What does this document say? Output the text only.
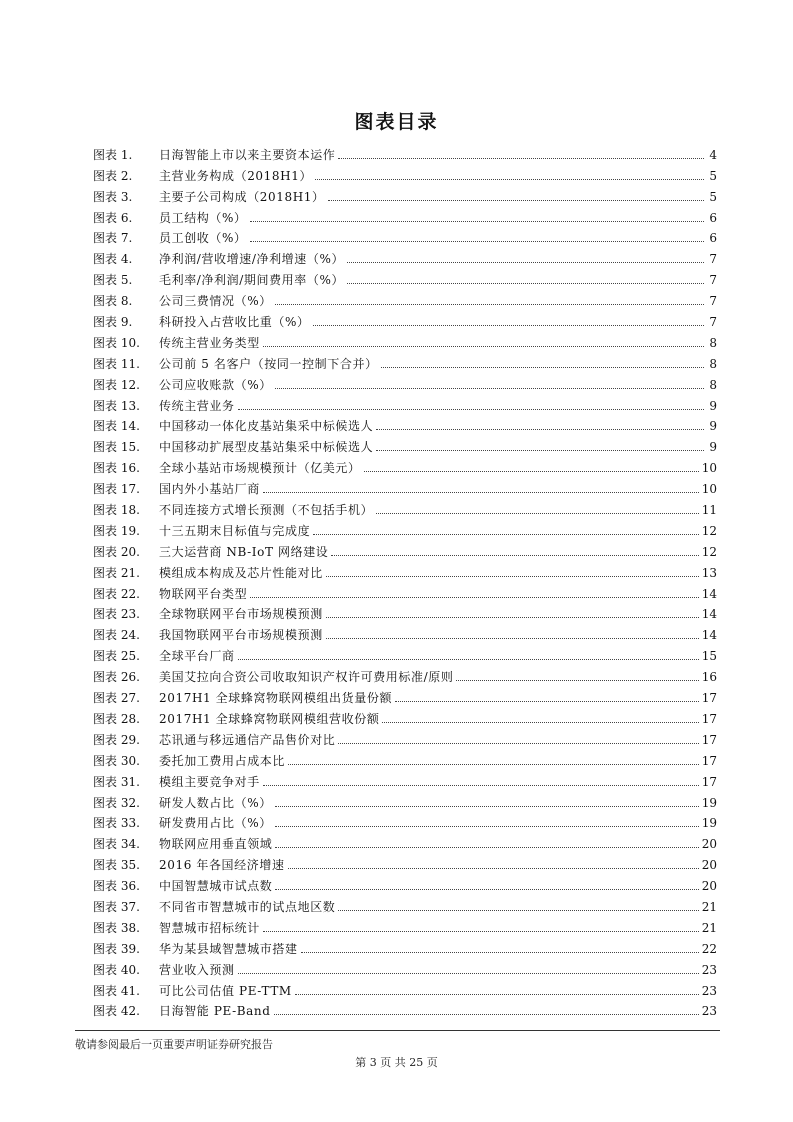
图表目录
图表 1.	日海智能上市以来主要资本运作	4
图表 2.	主营业务构成（2018H1）	5
图表 3.	主要子公司构成（2018H1）	5
图表 6.	员工结构（%）	6
图表 7.	员工创收（%）	6
图表 4.	净利润/营收增速/净利增速（%）	7
图表 5.	毛利率/净利润/期间费用率（%）	7
图表 8.	公司三费情况（%）	7
图表 9.	科研投入占营收比重（%）	7
图表 10.	传统主营业务类型	8
图表 11.	公司前 5 名客户（按同一控制下合并）	8
图表 12.	公司应收账款（%）	8
图表 13.	传统主营业务	9
图表 14.	中国移动一体化皮基站集采中标候选人	9
图表 15.	中国移动扩展型皮基站集采中标候选人	9
图表 16.	全球小基站市场规模预计（亿美元）	10
图表 17.	国内外小基站厂商	10
图表 18.	不同连接方式增长预测（不包括手机）	11
图表 19.	十三五期末目标值与完成度	12
图表 20.	三大运营商 NB-IoT 网络建设	12
图表 21.	模组成本构成及芯片性能对比	13
图表 22.	物联网平台类型	14
图表 23.	全球物联网平台市场规模预测	14
图表 24.	我国物联网平台市场规模预测	14
图表 25.	全球平台厂商	15
图表 26.	美国艾拉向合资公司收取知识产权许可费用标准/原则	16
图表 27.	2017H1 全球蜂窝物联网模组出货量份额	17
图表 28.	2017H1 全球蜂窝物联网模组营收份额	17
图表 29.	芯讯通与移远通信产品售价对比	17
图表 30.	委托加工费用占成本比	17
图表 31.	模组主要竞争对手	17
图表 32.	研发人数占比（%）	19
图表 33.	研发费用占比（%）	19
图表 34.	物联网应用垂直领域	20
图表 35.	2016 年各国经济增速	20
图表 36.	中国智慧城市试点数	20
图表 37.	不同省市智慧城市的试点地区数	21
图表 38.	智慧城市招标统计	21
图表 39.	华为某县域智慧城市搭建	22
图表 40.	营业收入预测	23
图表 41.	可比公司估值 PE-TTM	23
图表 42.	日海智能 PE-Band	23
敬请参阅最后一页重要声明证券研究报告
第 3 页 共 25 页
